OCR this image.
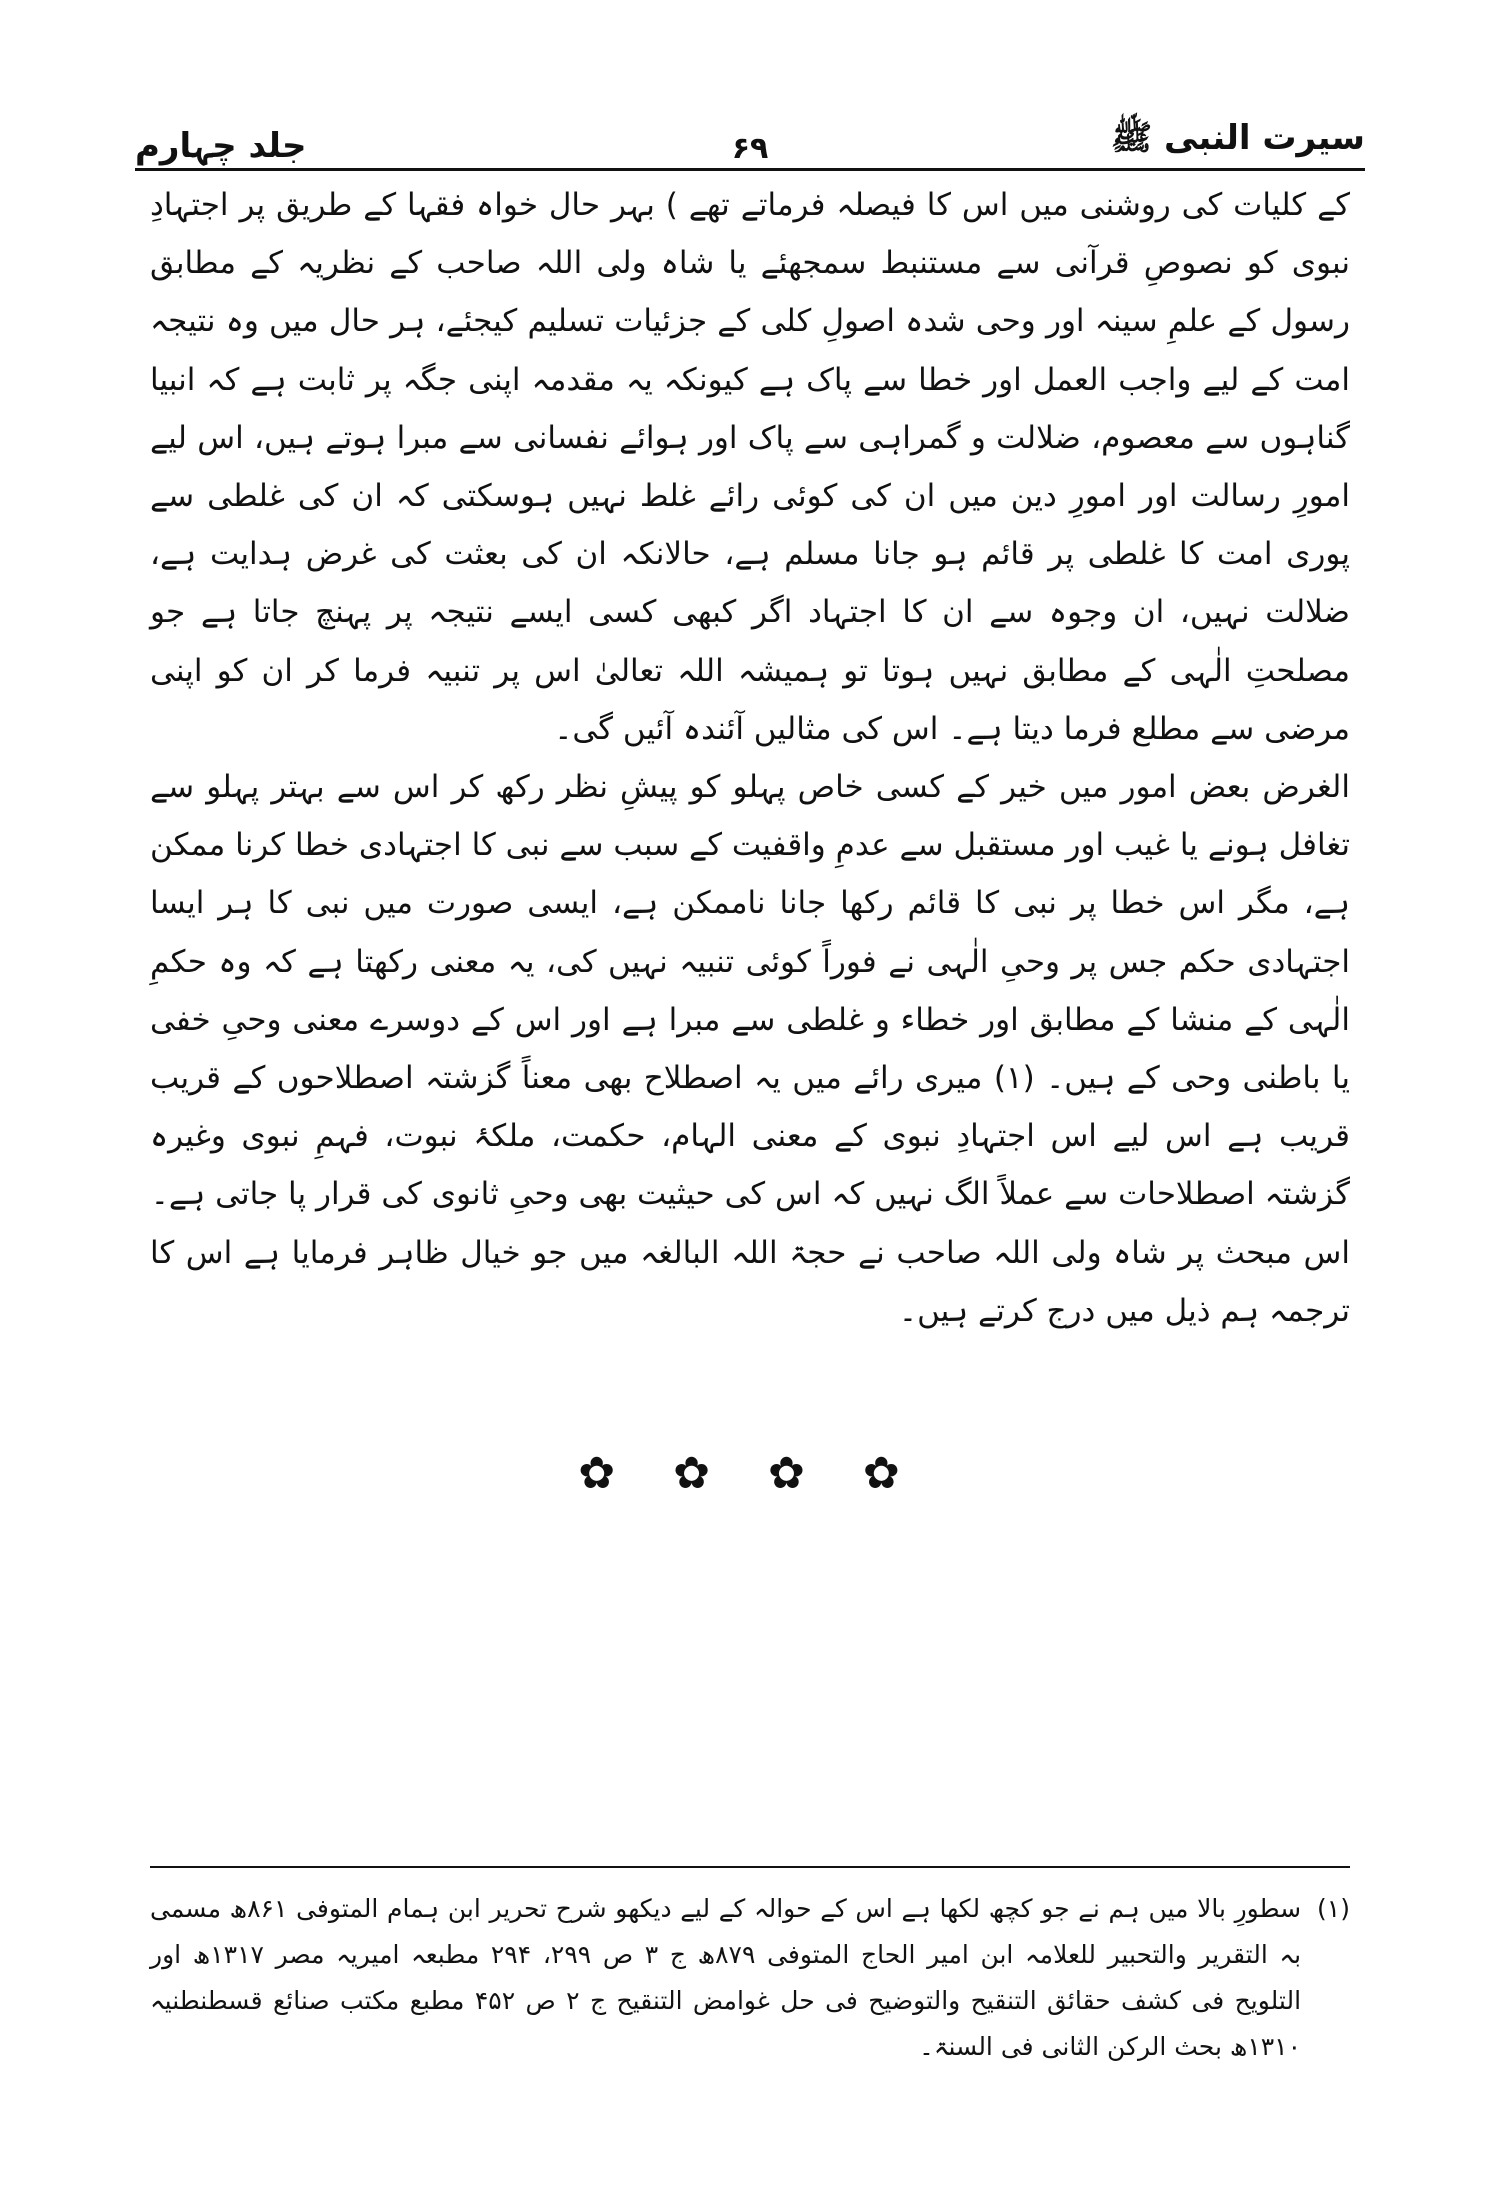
سیرت النبی ﷺ
۶۹
جلد چہارم

کے کلیات کی روشنی میں اس کا فیصلہ فرماتے تھے ) بہر حال خواہ فقہا کے طریق پر اجتہادِ نبوی کو نصوصِ قرآنی سے مستنبط سمجھئے یا شاہ ولی اللہ صاحب کے نظریہ کے مطابق رسول کے علمِ سینہ اور وحی شدہ اصولِ کلی کے جزئیات تسلیم کیجئے، ہر حال میں وہ نتیجہ امت کے لیے واجب العمل اور خطا سے پاک ہے کیونکہ یہ مقدمہ اپنی جگہ پر ثابت ہے کہ انبیا گناہوں سے معصوم، ضلالت و گمراہی سے پاک اور ہوائے نفسانی سے مبرا ہوتے ہیں، اس لیے امورِ رسالت اور امورِ دین میں ان کی کوئی رائے غلط نہیں ہوسکتی کہ ان کی غلطی سے پوری امت کا غلطی پر قائم ہو جانا مسلم ہے، حالانکہ ان کی بعثت کی غرض ہدایت ہے، ضلالت نہیں، ان وجوہ سے ان کا اجتہاد اگر کبھی کسی ایسے نتیجہ پر پہنچ جاتا ہے جو مصلحتِ الٰہی کے مطابق نہیں ہوتا تو ہمیشہ اللہ تعالیٰ اس پر تنبیہ فرما کر ان کو اپنی مرضی سے مطلع فرما دیتا ہے۔ اس کی مثالیں آئندہ آئیں گی۔

الغرض بعض امور میں خیر کے کسی خاص پہلو کو پیشِ نظر رکھ کر اس سے بہتر پہلو سے تغافل ہونے یا غیب اور مستقبل سے عدمِ واقفیت کے سبب سے نبی کا اجتہادی خطا کرنا ممکن ہے، مگر اس خطا پر نبی کا قائم رکھا جانا ناممکن ہے، ایسی صورت میں نبی کا ہر ایسا اجتہادی حکم جس پر وحیِ الٰہی نے فوراً کوئی تنبیہ نہیں کی، یہ معنی رکھتا ہے کہ وہ حکمِ الٰہی کے منشا کے مطابق اور خطاء و غلطی سے مبرا ہے اور اس کے دوسرے معنی وحیِ خفی یا باطنی وحی کے ہیں۔ (۱) میری رائے میں یہ اصطلاح بھی معناً گزشتہ اصطلاحوں کے قریب قریب ہے اس لیے اس اجتہادِ نبوی کے معنی الہام، حکمت، ملکۂ نبوت، فہمِ نبوی وغیرہ گزشتہ اصطلاحات سے عملاً الگ نہیں کہ اس کی حیثیت بھی وحیِ ثانوی کی قرار پا جاتی ہے۔

اس مبحث پر شاہ ولی اللہ صاحب نے حجۃ اللہ البالغہ میں جو خیال ظاہر فرمایا ہے اس کا ترجمہ ہم ذیل میں درج کرتے ہیں۔

✿ ✿ ✿ ✿
(۱)
سطورِ بالا میں ہم نے جو کچھ لکھا ہے اس کے حوالہ کے لیے دیکھو شرح تحریر ابن ہمام المتوفی ۸۶۱ھ مسمی بہ التقریر والتحبیر للعلامہ ابن امیر الحاج المتوفی ۸۷۹ھ ج ۳ ص ۲۹۹، ۲۹۴ مطبعہ امیریہ مصر ۱۳۱۷ھ اور التلویح فی کشف حقائق التنقیح والتوضیح فی حل غوامض التنقیح ج ۲ ص ۴۵۲ مطبع مکتب صنائع قسطنطنیہ ۱۳۱۰ھ بحث الرکن الثانی فی السنۃ۔
